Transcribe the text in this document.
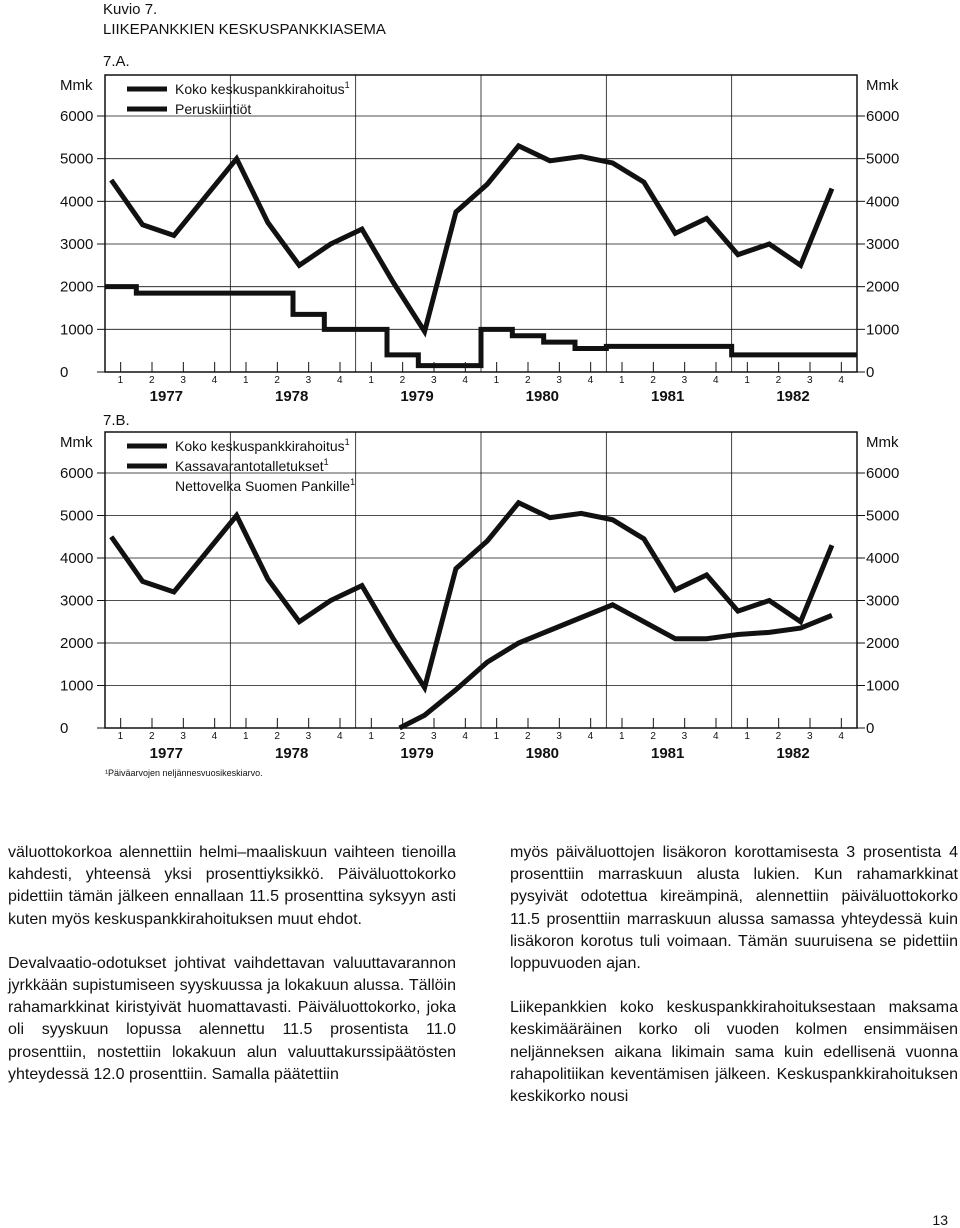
Kuvio 7.
LIIKEPANKKIEN KESKUSPANKKIASEMA
7.A.
Mmk	Mmk
0	0
1000	1000
2000	2000
3000	3000
4000	4000
5000	5000
6000	6000
1	2	3	4
1977
1	2	3	4
1978
1	2	3	4
1979
1	2	3	4
1980
1	2	3	4
1981
1	2	3	4
1982
Koko keskuspankkirahoitus$^1$
Peruskiintiöt
7.B.
Mmk	Mmk
0	0
1000	1000
2000	2000
3000	3000
4000	4000
5000	5000
6000	6000
1	2	3	4
1977
1	2	3	4
1978
1	2	3	4
1979
1	2	3	4
1980
1	2	3	4
1981
1	2	3	4
1982
Koko keskuspankkirahoitus$^1$
Kassavarantotalletukset$^1$
Nettovelka Suomen Pankille$^1$
¹Päiväarvojen neljännesvuosikeskiarvo.

väluottokorkoa alennettiin helmi–maaliskuun vaihteen tienoilla kahdesti, yhteensä yksi prosenttiyksikkö. Päiväluottokorko pidettiin tämän jälkeen ennallaan 11.5 prosenttina syksyyn asti kuten myös keskuspankkirahoituksen muut ehdot.

Devalvaatio-odotukset johtivat vaihdettavan valuuttavarannon jyrkkään supistumiseen syyskuussa ja lokakuun alussa. Tällöin rahamarkkinat kiristyivät huomattavasti. Päiväluottokorko, joka oli syyskuun lopussa alennettu 11.5 prosentista 11.0 prosenttiin, nostettiin lokakuun alun valuuttakurssipäätösten yhteydessä 12.0 prosenttiin. Samalla päätettiin

myös päiväluottojen lisäkoron korottamisesta 3 prosentista 4 prosenttiin marraskuun alusta lukien. Kun rahamarkkinat pysyivät odotettua kireämpinä, alennettiin päiväluottokorko 11.5 prosenttiin marraskuun alussa samassa yhteydessä kuin lisäkoron korotus tuli voimaan. Tämän suuruisena se pidettiin loppuvuoden ajan.

Liikepankkien koko keskuspankkirahoituksestaan maksama keskimääräinen korko oli vuoden kolmen ensimmäisen neljänneksen aikana likimain sama kuin edellisenä vuonna rahapolitiikan keventämisen jälkeen. Keskuspankkirahoituksen keskikorko nousi

13
